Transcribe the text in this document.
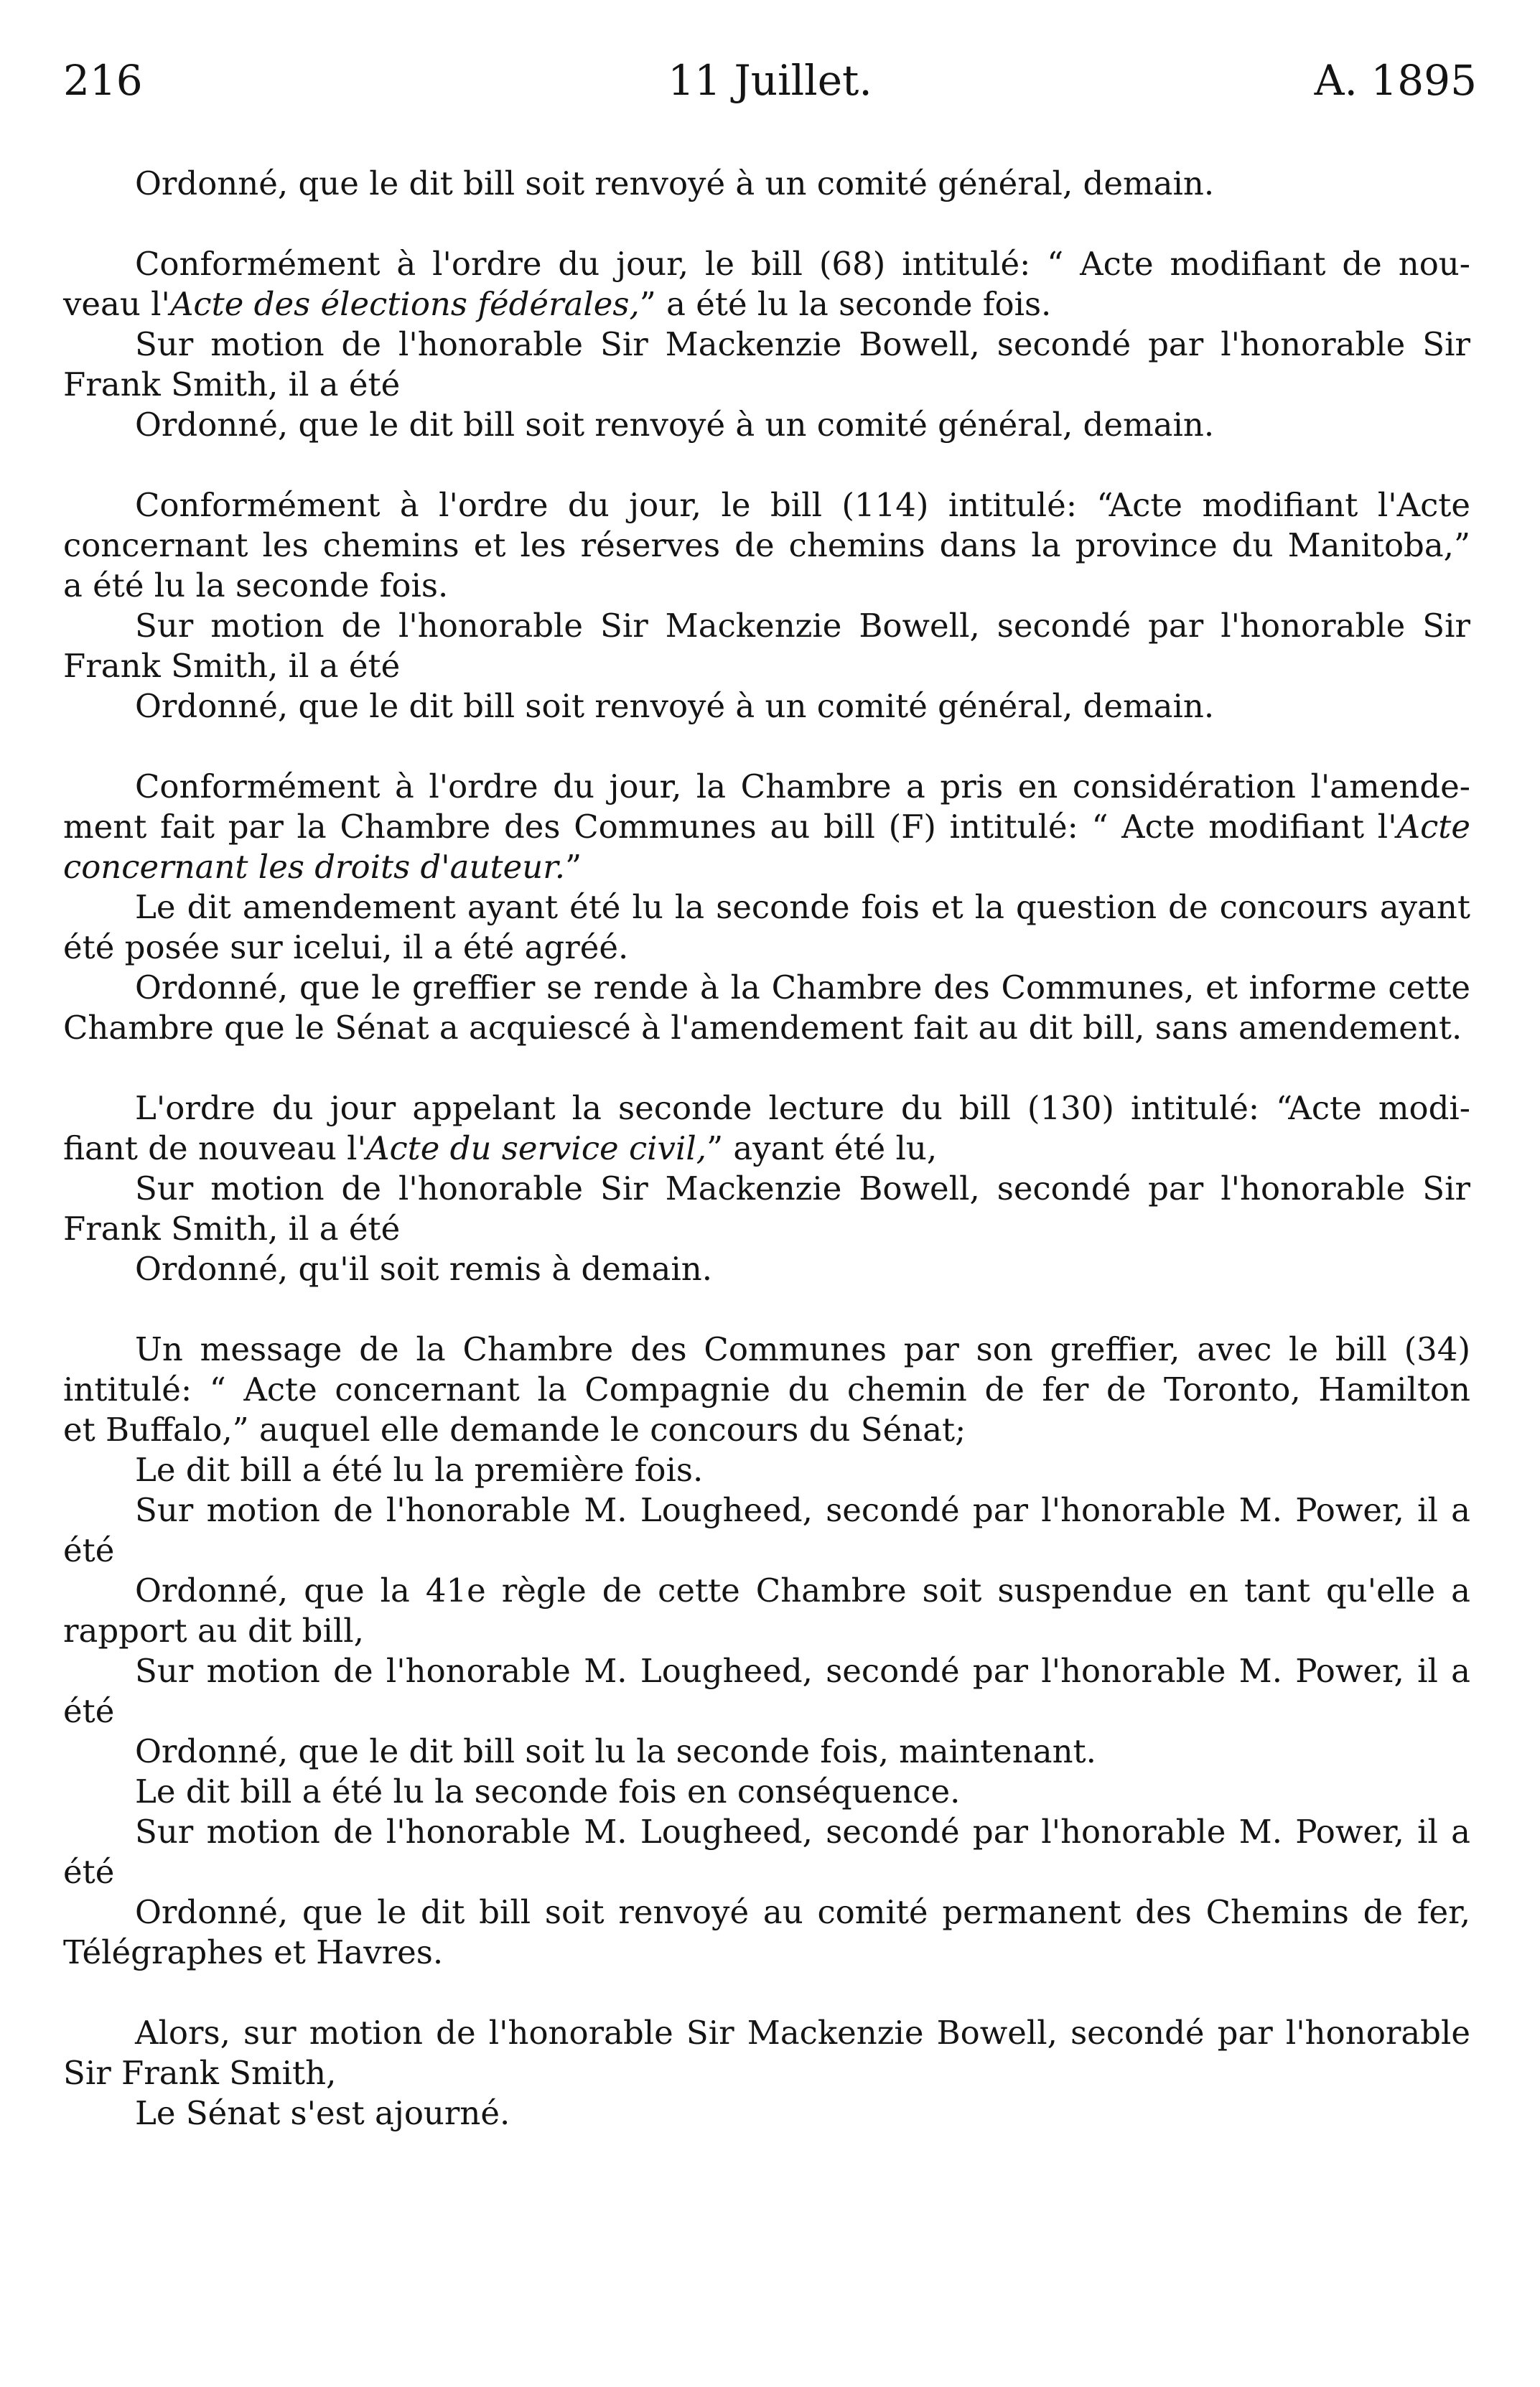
216	11 Juillet.	A. 1895
Ordonné, que le dit bill soit renvoyé à un comité général, demain.
Conformément à l'ordre du jour, le bill (68) intitulé: “ Acte modifiant de nou-
veau l'Acte des élections fédérales,” a été lu la seconde fois.
Sur motion de l'honorable Sir Mackenzie Bowell, secondé par l'honorable Sir
Frank Smith, il a été
Ordonné, que le dit bill soit renvoyé à un comité général, demain.
Conformément à l'ordre du jour, le bill (114) intitulé: “Acte modifiant l'Acte
concernant les chemins et les réserves de chemins dans la province du Manitoba,”
a été lu la seconde fois.
Sur motion de l'honorable Sir Mackenzie Bowell, secondé par l'honorable Sir
Frank Smith, il a été
Ordonné, que le dit bill soit renvoyé à un comité général, demain.
Conformément à l'ordre du jour, la Chambre a pris en considération l'amende-
ment fait par la Chambre des Communes au bill (F) intitulé: “ Acte modifiant l'Acte
concernant les droits d'auteur.”
Le dit amendement ayant été lu la seconde fois et la question de concours ayant
été posée sur icelui, il a été agréé.
Ordonné, que le greffier se rende à la Chambre des Communes, et informe cette
Chambre que le Sénat a acquiescé à l'amendement fait au dit bill, sans amendement.
L'ordre du jour appelant la seconde lecture du bill (130) intitulé: “Acte modi-
fiant de nouveau l'Acte du service civil,” ayant été lu,
Sur motion de l'honorable Sir Mackenzie Bowell, secondé par l'honorable Sir
Frank Smith, il a été
Ordonné, qu'il soit remis à demain.
Un message de la Chambre des Communes par son greffier, avec le bill (34)
intitulé: “ Acte concernant la Compagnie du chemin de fer de Toronto, Hamilton
et Buffalo,” auquel elle demande le concours du Sénat;
Le dit bill a été lu la première fois.
Sur motion de l'honorable M. Lougheed, secondé par l'honorable M. Power, il a
été
Ordonné, que la 41e règle de cette Chambre soit suspendue en tant qu'elle a
rapport au dit bill,
Sur motion de l'honorable M. Lougheed, secondé par l'honorable M. Power, il a
été
Ordonné, que le dit bill soit lu la seconde fois, maintenant.
Le dit bill a été lu la seconde fois en conséquence.
Sur motion de l'honorable M. Lougheed, secondé par l'honorable M. Power, il a
été
Ordonné, que le dit bill soit renvoyé au comité permanent des Chemins de fer,
Télégraphes et Havres.
Alors, sur motion de l'honorable Sir Mackenzie Bowell, secondé par l'honorable
Sir Frank Smith,
Le Sénat s'est ajourné.
